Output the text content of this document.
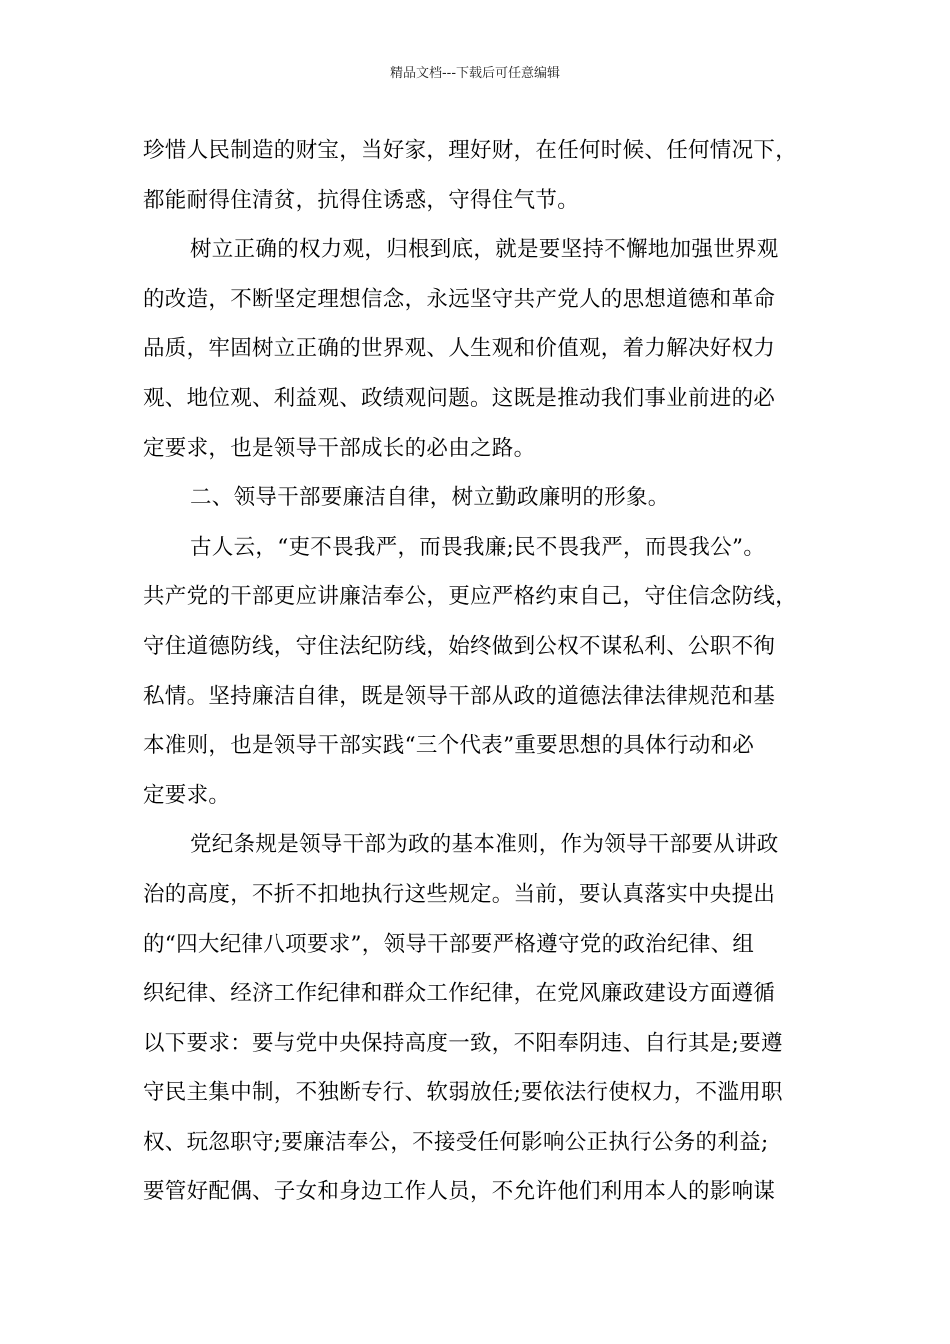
精品文档---下载后可任意编辑
珍惜人民制造的财宝，当好家，理好财，在任何时候、任何情况下，
都能耐得住清贫，抗得住诱惑，守得住气节。
树立正确的权力观，归根到底，就是要坚持不懈地加强世界观
的改造，不断坚定理想信念，永远坚守共产党人的思想道德和革命
品质，牢固树立正确的世界观、人生观和价值观，着力解决好权力
观、地位观、利益观、政绩观问题。这既是推动我们事业前进的必
定要求，也是领导干部成长的必由之路。
二、领导干部要廉洁自律，树立勤政廉明的形象。
古人云，“吏不畏我严，而畏我廉;民不畏我严，而畏我公”。
共产党的干部更应讲廉洁奉公，更应严格约束自己，守住信念防线，
守住道德防线，守住法纪防线，始终做到公权不谋私利、公职不徇
私情。坚持廉洁自律，既是领导干部从政的道德法律法律规范和基
本准则，也是领导干部实践“三个代表”重要思想的具体行动和必
定要求。
党纪条规是领导干部为政的基本准则，作为领导干部要从讲政
治的高度，不折不扣地执行这些规定。当前，要认真落实中央提出
的“四大纪律八项要求”，领导干部要严格遵守党的政治纪律、组
织纪律、经济工作纪律和群众工作纪律，在党风廉政建设方面遵循
以下要求：要与党中央保持高度一致，不阳奉阴违、自行其是;要遵
守民主集中制，不独断专行、软弱放任;要依法行使权力，不滥用职
权、玩忽职守;要廉洁奉公，不接受任何影响公正执行公务的利益;
要管好配偶、子女和身边工作人员，不允许他们利用本人的影响谋
